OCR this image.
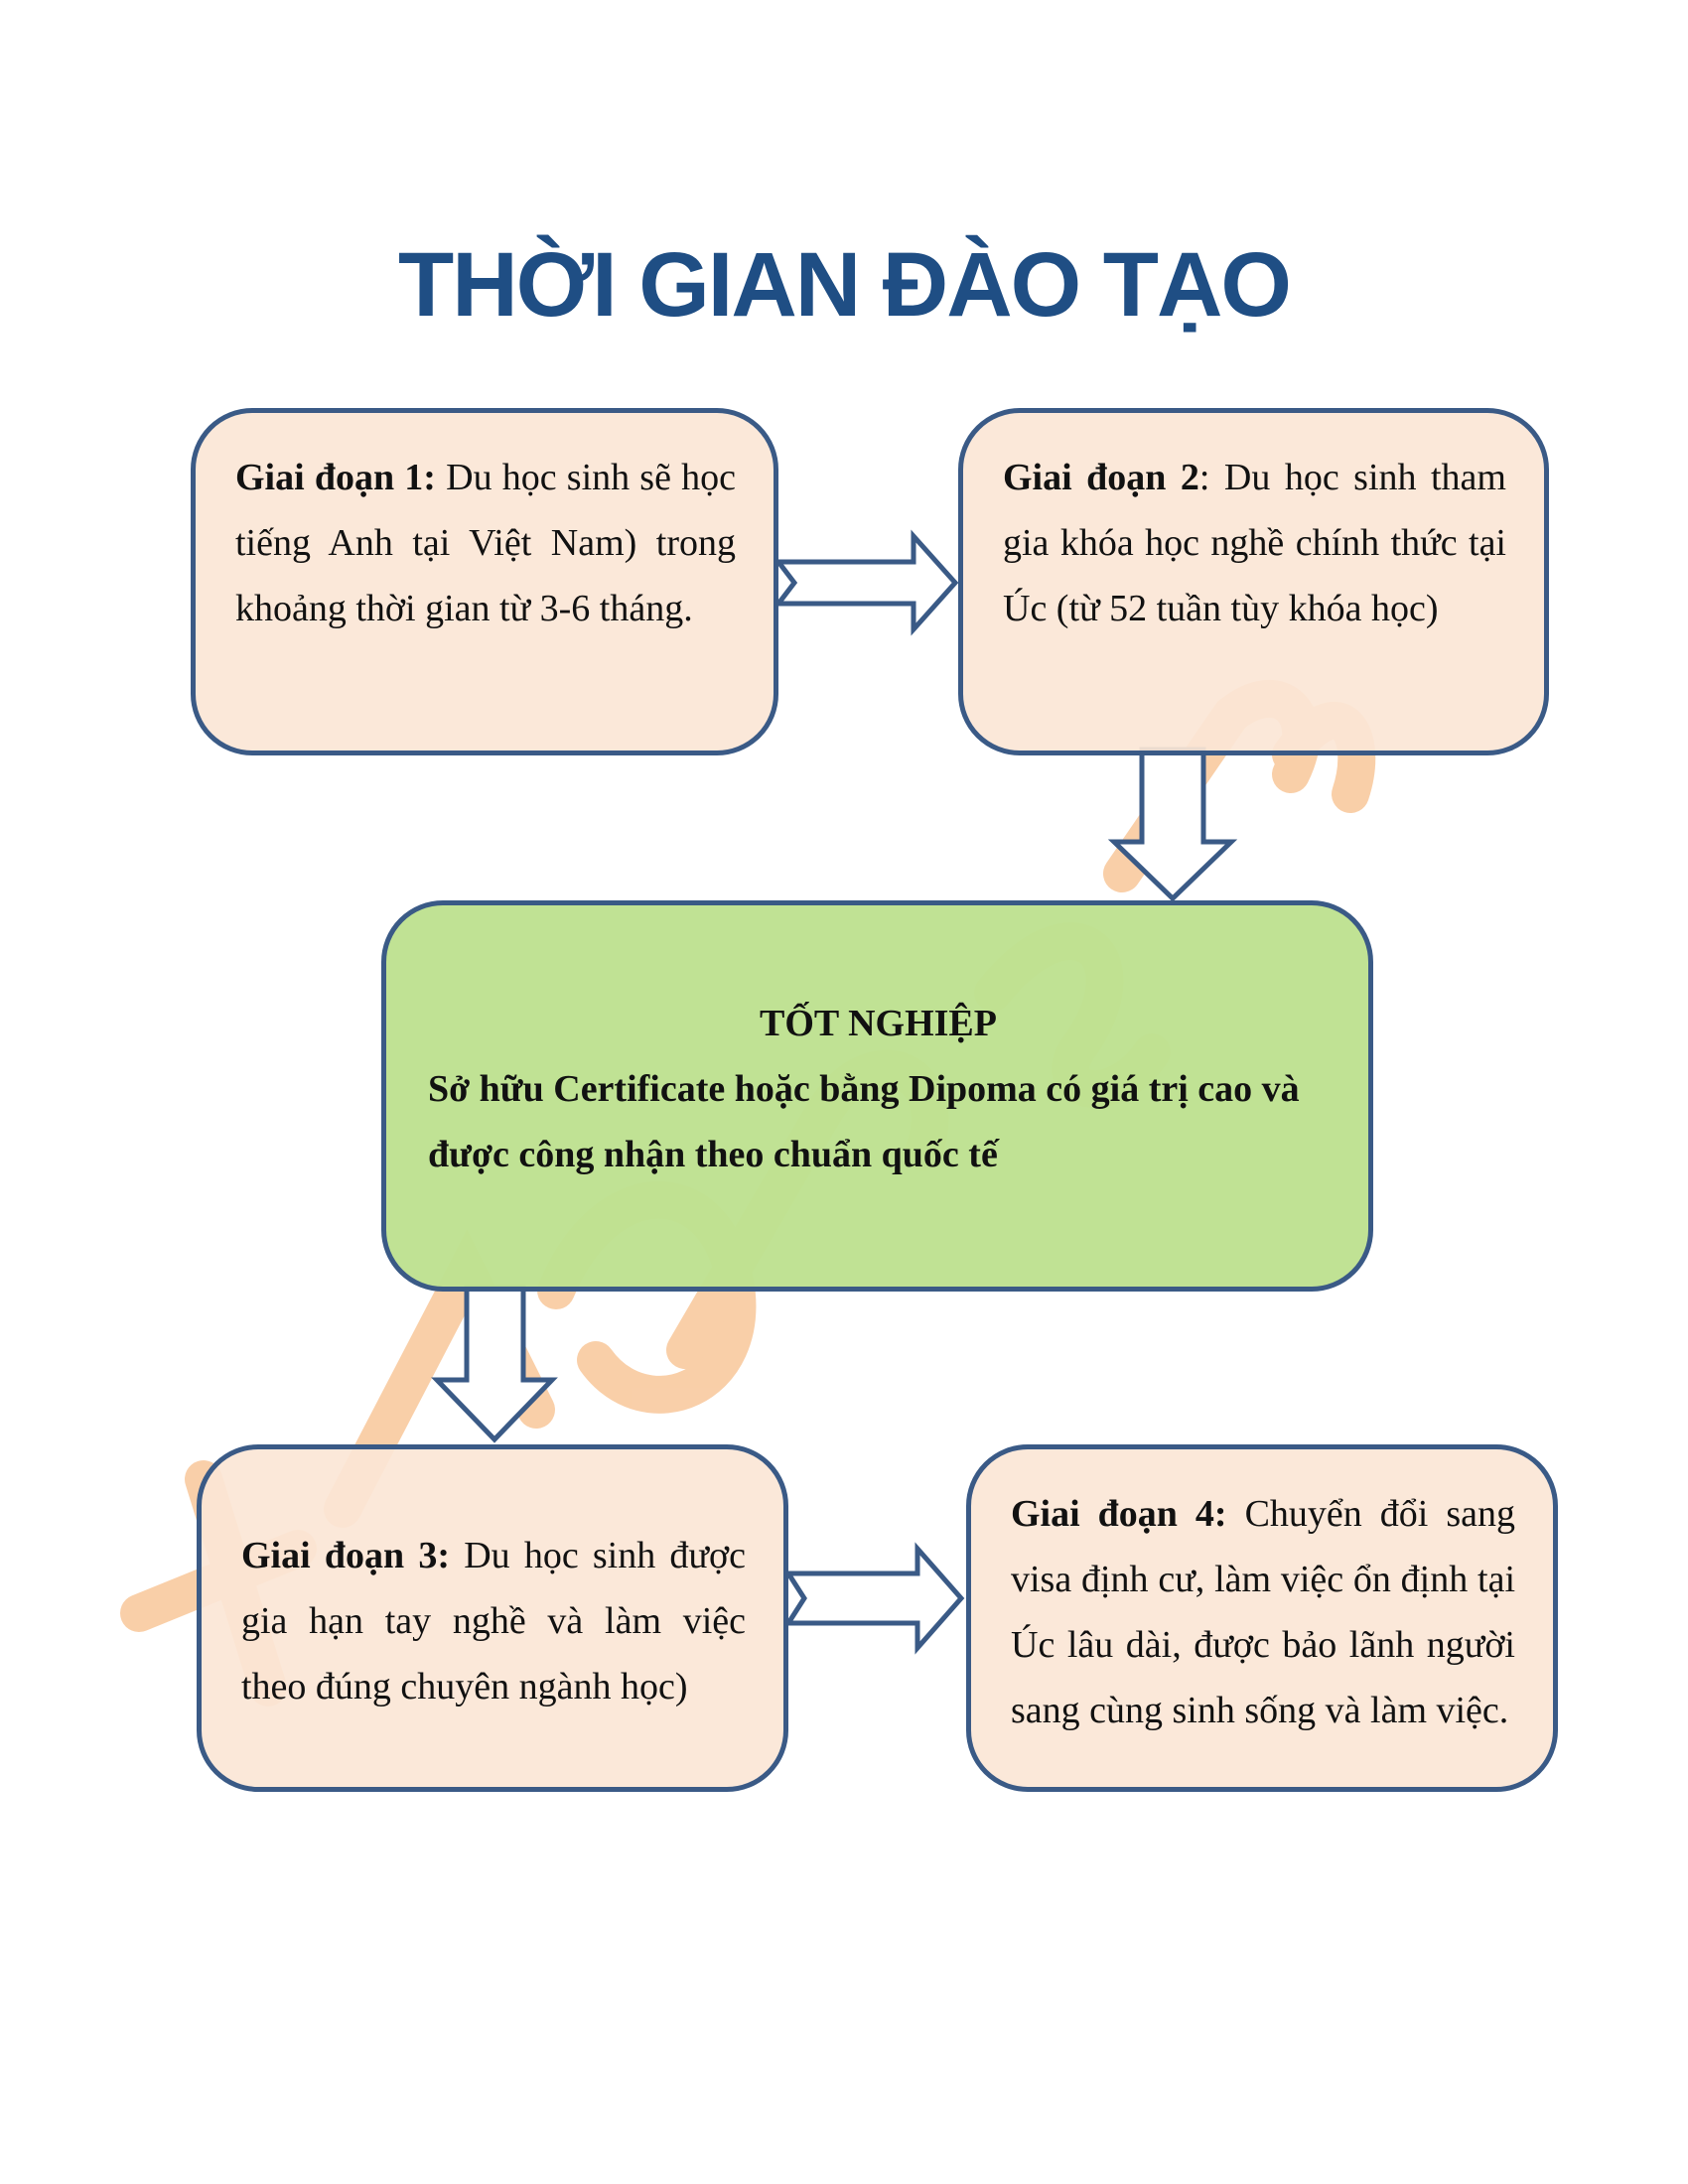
THỜI GIAN ĐÀO TẠO
Giai đoạn 1: Du học sinh sẽ học tiếng Anh tại Việt Nam) trong khoảng thời gian từ 3-6 tháng.
Giai đoạn 2: Du học sinh tham gia khóa học nghề chính thức tại Úc (từ 52 tuần tùy khóa học)
TỐT NGHIỆP
Sở hữu Certificate hoặc bằng Dipoma có giá trị cao và được công nhận theo chuẩn quốc tế
Giai đoạn 3: Du học sinh được gia hạn tay nghề và làm việc theo đúng chuyên ngành học)
Giai đoạn 4: Chuyển đổi sang visa định cư, làm việc ổn định tại Úc lâu dài, được bảo lãnh người sang cùng sinh sống và làm việc.
